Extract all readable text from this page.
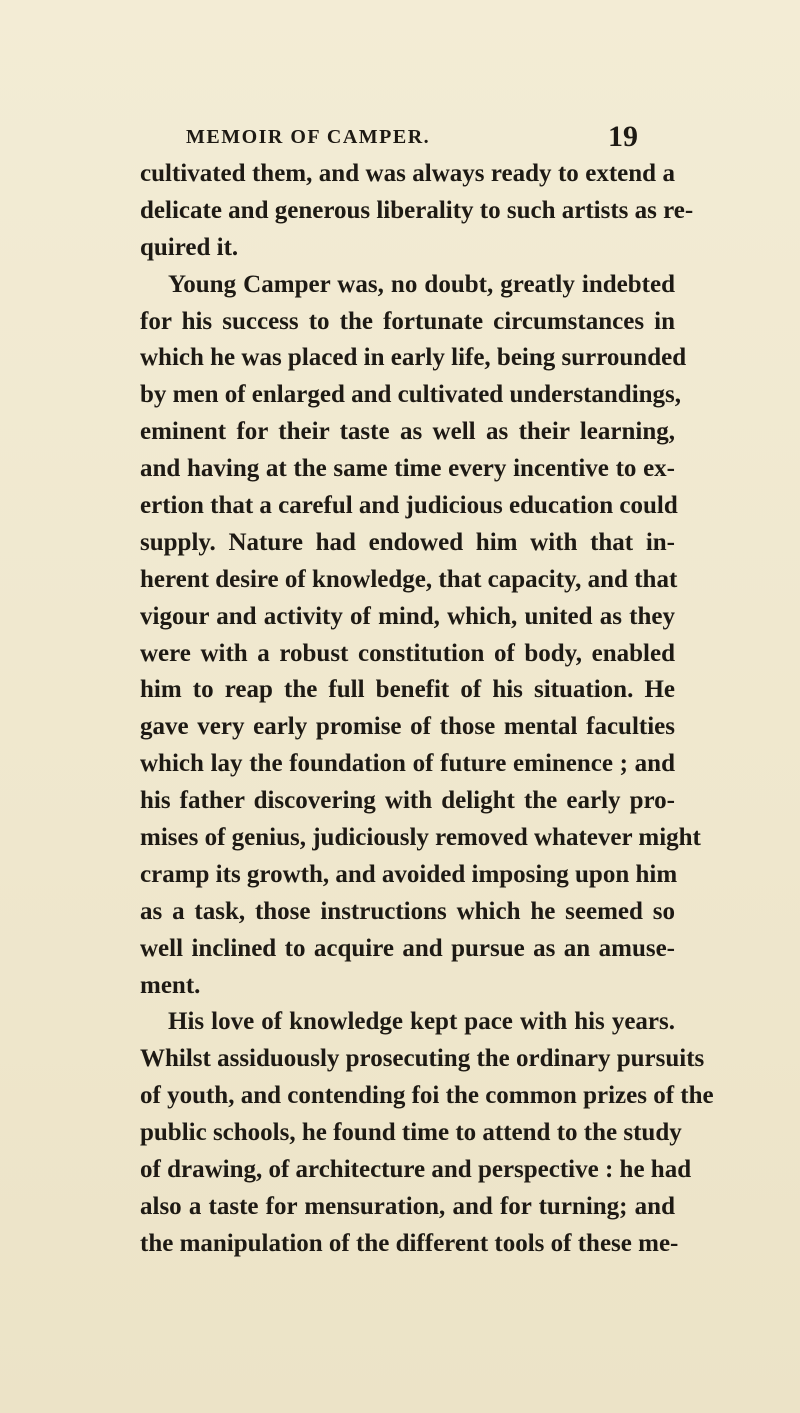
MEMOIR OF CAMPER.	19
cultivated them, and was always ready to extend a
delicate and generous liberality to such artists as re-
quired it.
Young Camper was, no doubt, greatly indebted
for his success to the fortunate circumstances in
which he was placed in early life, being surrounded
by men of enlarged and cultivated understandings,
eminent for their taste as well as their learning,
and having at the same time every incentive to ex-
ertion that a careful and judicious education could
supply. Nature had endowed him with that in-
herent desire of knowledge, that capacity, and that
vigour and activity of mind, which, united as they
were with a robust constitution of body, enabled
him to reap the full benefit of his situation. He
gave very early promise of those mental faculties
which lay the foundation of future eminence ; and
his father discovering with delight the early pro-
mises of genius, judiciously removed whatever might
cramp its growth, and avoided imposing upon him
as a task, those instructions which he seemed so
well inclined to acquire and pursue as an amuse-
ment.
His love of knowledge kept pace with his years.
Whilst assiduously prosecuting the ordinary pursuits
of youth, and contending foi the common prizes of the
public schools, he found time to attend to the study
of drawing, of architecture and perspective : he had
also a taste for mensuration, and for turning; and
the manipulation of the different tools of these me-
